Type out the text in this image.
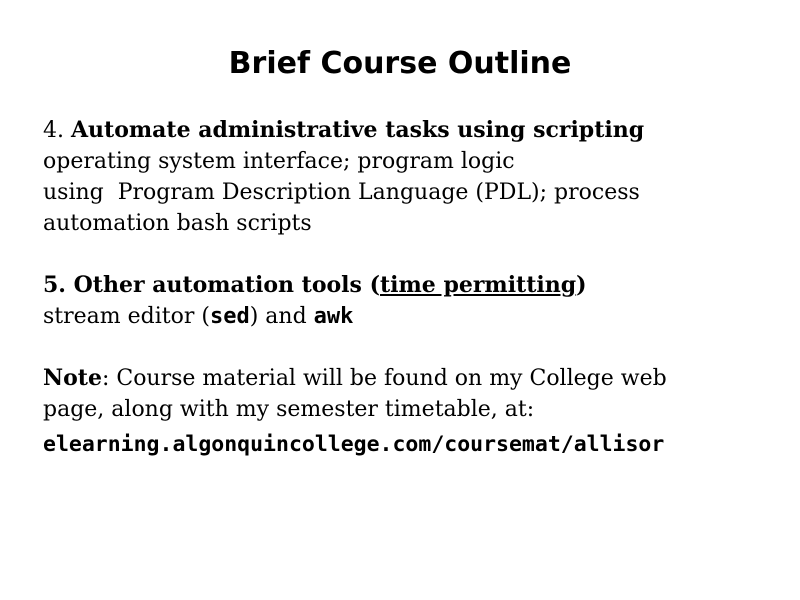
Brief Course Outline
4. Automate administrative tasks using scripting
operating system interface; program logic
using  Program Description Language (PDL); process
automation bash scripts
5. Other automation tools (time permitting)
stream editor (sed) and awk
Note: Course material will be found on my College web
page, along with my semester timetable, at:
elearning.algonquincollege.com/coursemat/allisor
